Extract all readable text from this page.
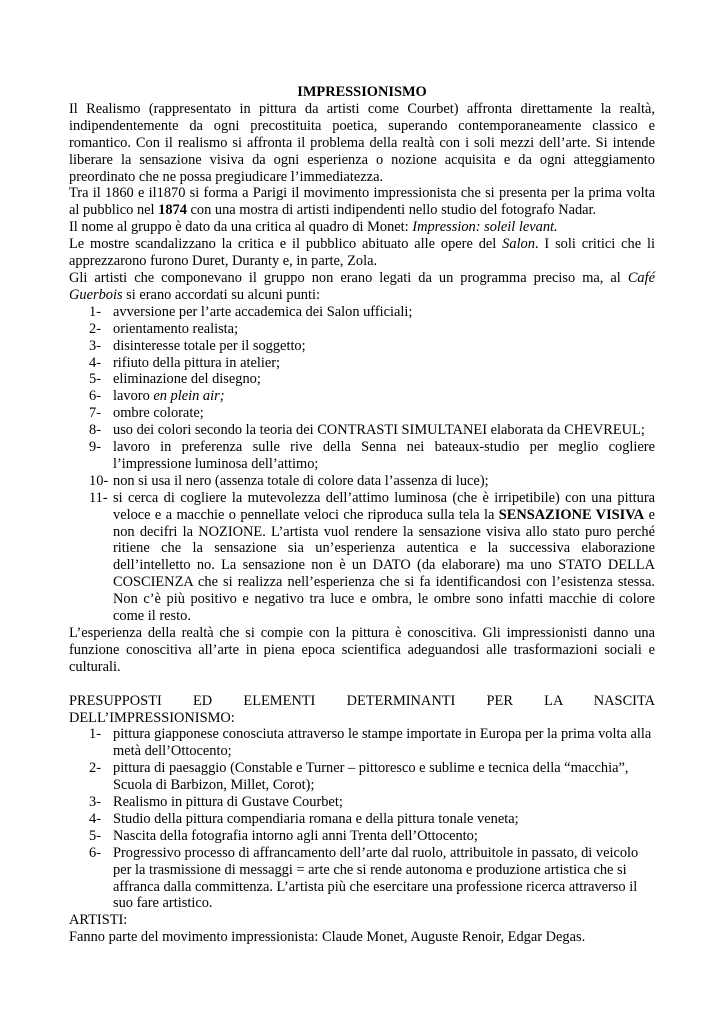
IMPRESSIONISMO

Il Realismo (rappresentato in pittura da artisti come Courbet) affronta direttamente la realtà, indipendentemente da ogni precostituita poetica, superando contemporaneamente classico e romantico. Con il realismo si affronta il problema della realtà con i soli mezzi dell’arte. Si intende liberare la sensazione visiva da ogni esperienza o nozione acquisita e da ogni atteggiamento preordinato che ne possa pregiudicare l’immediatezza.

Tra il 1860 e il1870 si forma a Parigi il movimento impressionista che si presenta per la prima volta al pubblico nel 1874 con una mostra di artisti indipendenti nello studio del fotografo Nadar.

Il nome al gruppo è dato da una critica al quadro di Monet: Impression: soleil levant.

Le mostre scandalizzano la critica e il pubblico abituato alle opere del Salon. I soli critici che li apprezzarono furono Duret, Duranty e, in parte, Zola.

Gli artisti che componevano il gruppo non erano legati da un programma preciso ma, al Café Guerbois si erano accordati su alcuni punti:

1- avversione per l’arte accademica dei Salon ufficiali;
2- orientamento realista;
3- disinteresse totale per il soggetto;
4- rifiuto della pittura in atelier;
5- eliminazione del disegno;
6- lavoro en plein air;
7- ombre colorate;
8- uso dei colori secondo la teoria dei CONTRASTI SIMULTANEI elaborata da CHEVREUL;
9- lavoro in preferenza sulle rive della Senna nei bateaux-studio per meglio cogliere l’impressione luminosa dell’attimo;
10- non si usa il nero (assenza totale di colore data l’assenza di luce);
11- si cerca di cogliere la mutevolezza dell’attimo luminosa (che è irripetibile) con una pittura veloce e a macchie o pennellate veloci che riproduca sulla tela la SENSAZIONE VISIVA e non decifri la NOZIONE. L’artista vuol rendere la sensazione visiva allo stato puro perché ritiene che la sensazione sia un’esperienza autentica e la successiva elaborazione dell’intelletto no. La sensazione non è un DATO (da elaborare) ma uno STATO DELLA COSCIENZA che si realizza nell’esperienza che si fa identificandosi con l’esistenza stessa. Non c’è più positivo e negativo tra luce e ombra, le ombre sono infatti macchie di colore come il resto.

L’esperienza della realtà che si compie con la pittura è conoscitiva. Gli impressionisti danno una funzione conoscitiva all’arte in piena epoca scientifica adeguandosi alle trasformazioni sociali e culturali.

PRESUPPOSTI ED ELEMENTI DETERMINANTI PER LA NASCITA

DELL’IMPRESSIONISMO:

1- pittura giapponese conosciuta attraverso le stampe importate in Europa per la prima volta alla metà dell’Ottocento;
2- pittura di paesaggio (Constable e Turner – pittoresco e sublime e tecnica della “macchia”, Scuola di Barbizon, Millet, Corot);
3- Realismo in pittura di Gustave Courbet;
4- Studio della pittura compendiaria romana e della pittura tonale veneta;
5- Nascita della fotografia intorno agli anni Trenta dell’Ottocento;
6- Progressivo processo di affrancamento dell’arte dal ruolo, attribuitole in passato, di veicolo per la trasmissione di messaggi = arte che si rende autonoma e produzione artistica che si affranca dalla committenza. L’artista più che esercitare una professione ricerca attraverso il suo fare artistico.

ARTISTI:

Fanno parte del movimento impressionista: Claude Monet, Auguste Renoir, Edgar Degas.
